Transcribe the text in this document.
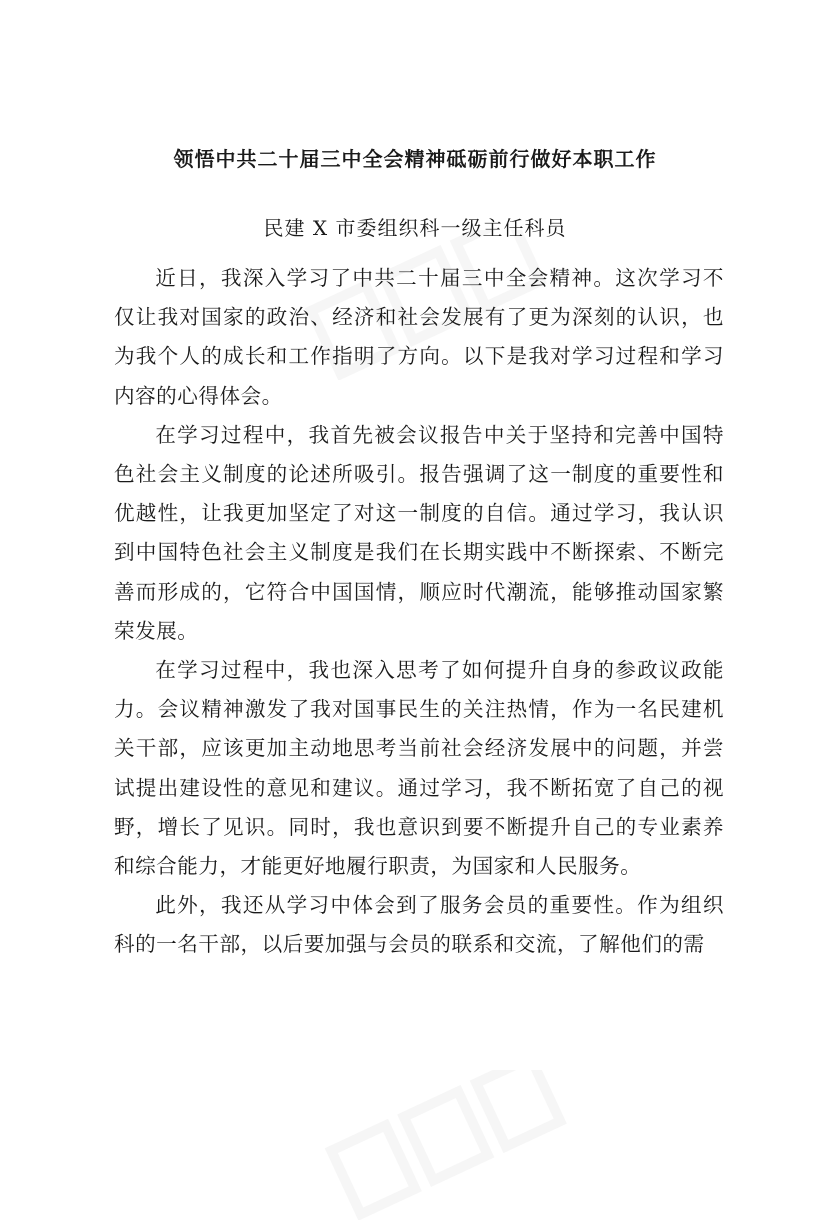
领悟中共二十届三中全会精神砥砺前行做好本职工作

民建 X 市委组织科一级主任科员

近日，我深入学习了中共二十届三中全会精神。这次学习不仅让我对国家的政治、经济和社会发展有了更为深刻的认识，也为我个人的成长和工作指明了方向。以下是我对学习过程和学习内容的心得体会。

在学习过程中，我首先被会议报告中关于坚持和完善中国特色社会主义制度的论述所吸引。报告强调了这一制度的重要性和优越性，让我更加坚定了对这一制度的自信。通过学习，我认识到中国特色社会主义制度是我们在长期实践中不断探索、不断完善而形成的，它符合中国国情，顺应时代潮流，能够推动国家繁荣发展。

在学习过程中，我也深入思考了如何提升自身的参政议政能力。会议精神激发了我对国事民生的关注热情，作为一名民建机关干部，应该更加主动地思考当前社会经济发展中的问题，并尝试提出建设性的意见和建议。通过学习，我不断拓宽了自己的视野，增长了见识。同时，我也意识到要不断提升自己的专业素养和综合能力，才能更好地履行职责，为国家和人民服务。

此外，我还从学习中体会到了服务会员的重要性。作为组织科的一名干部，以后要加强与会员的联系和交流，了解他们的需
